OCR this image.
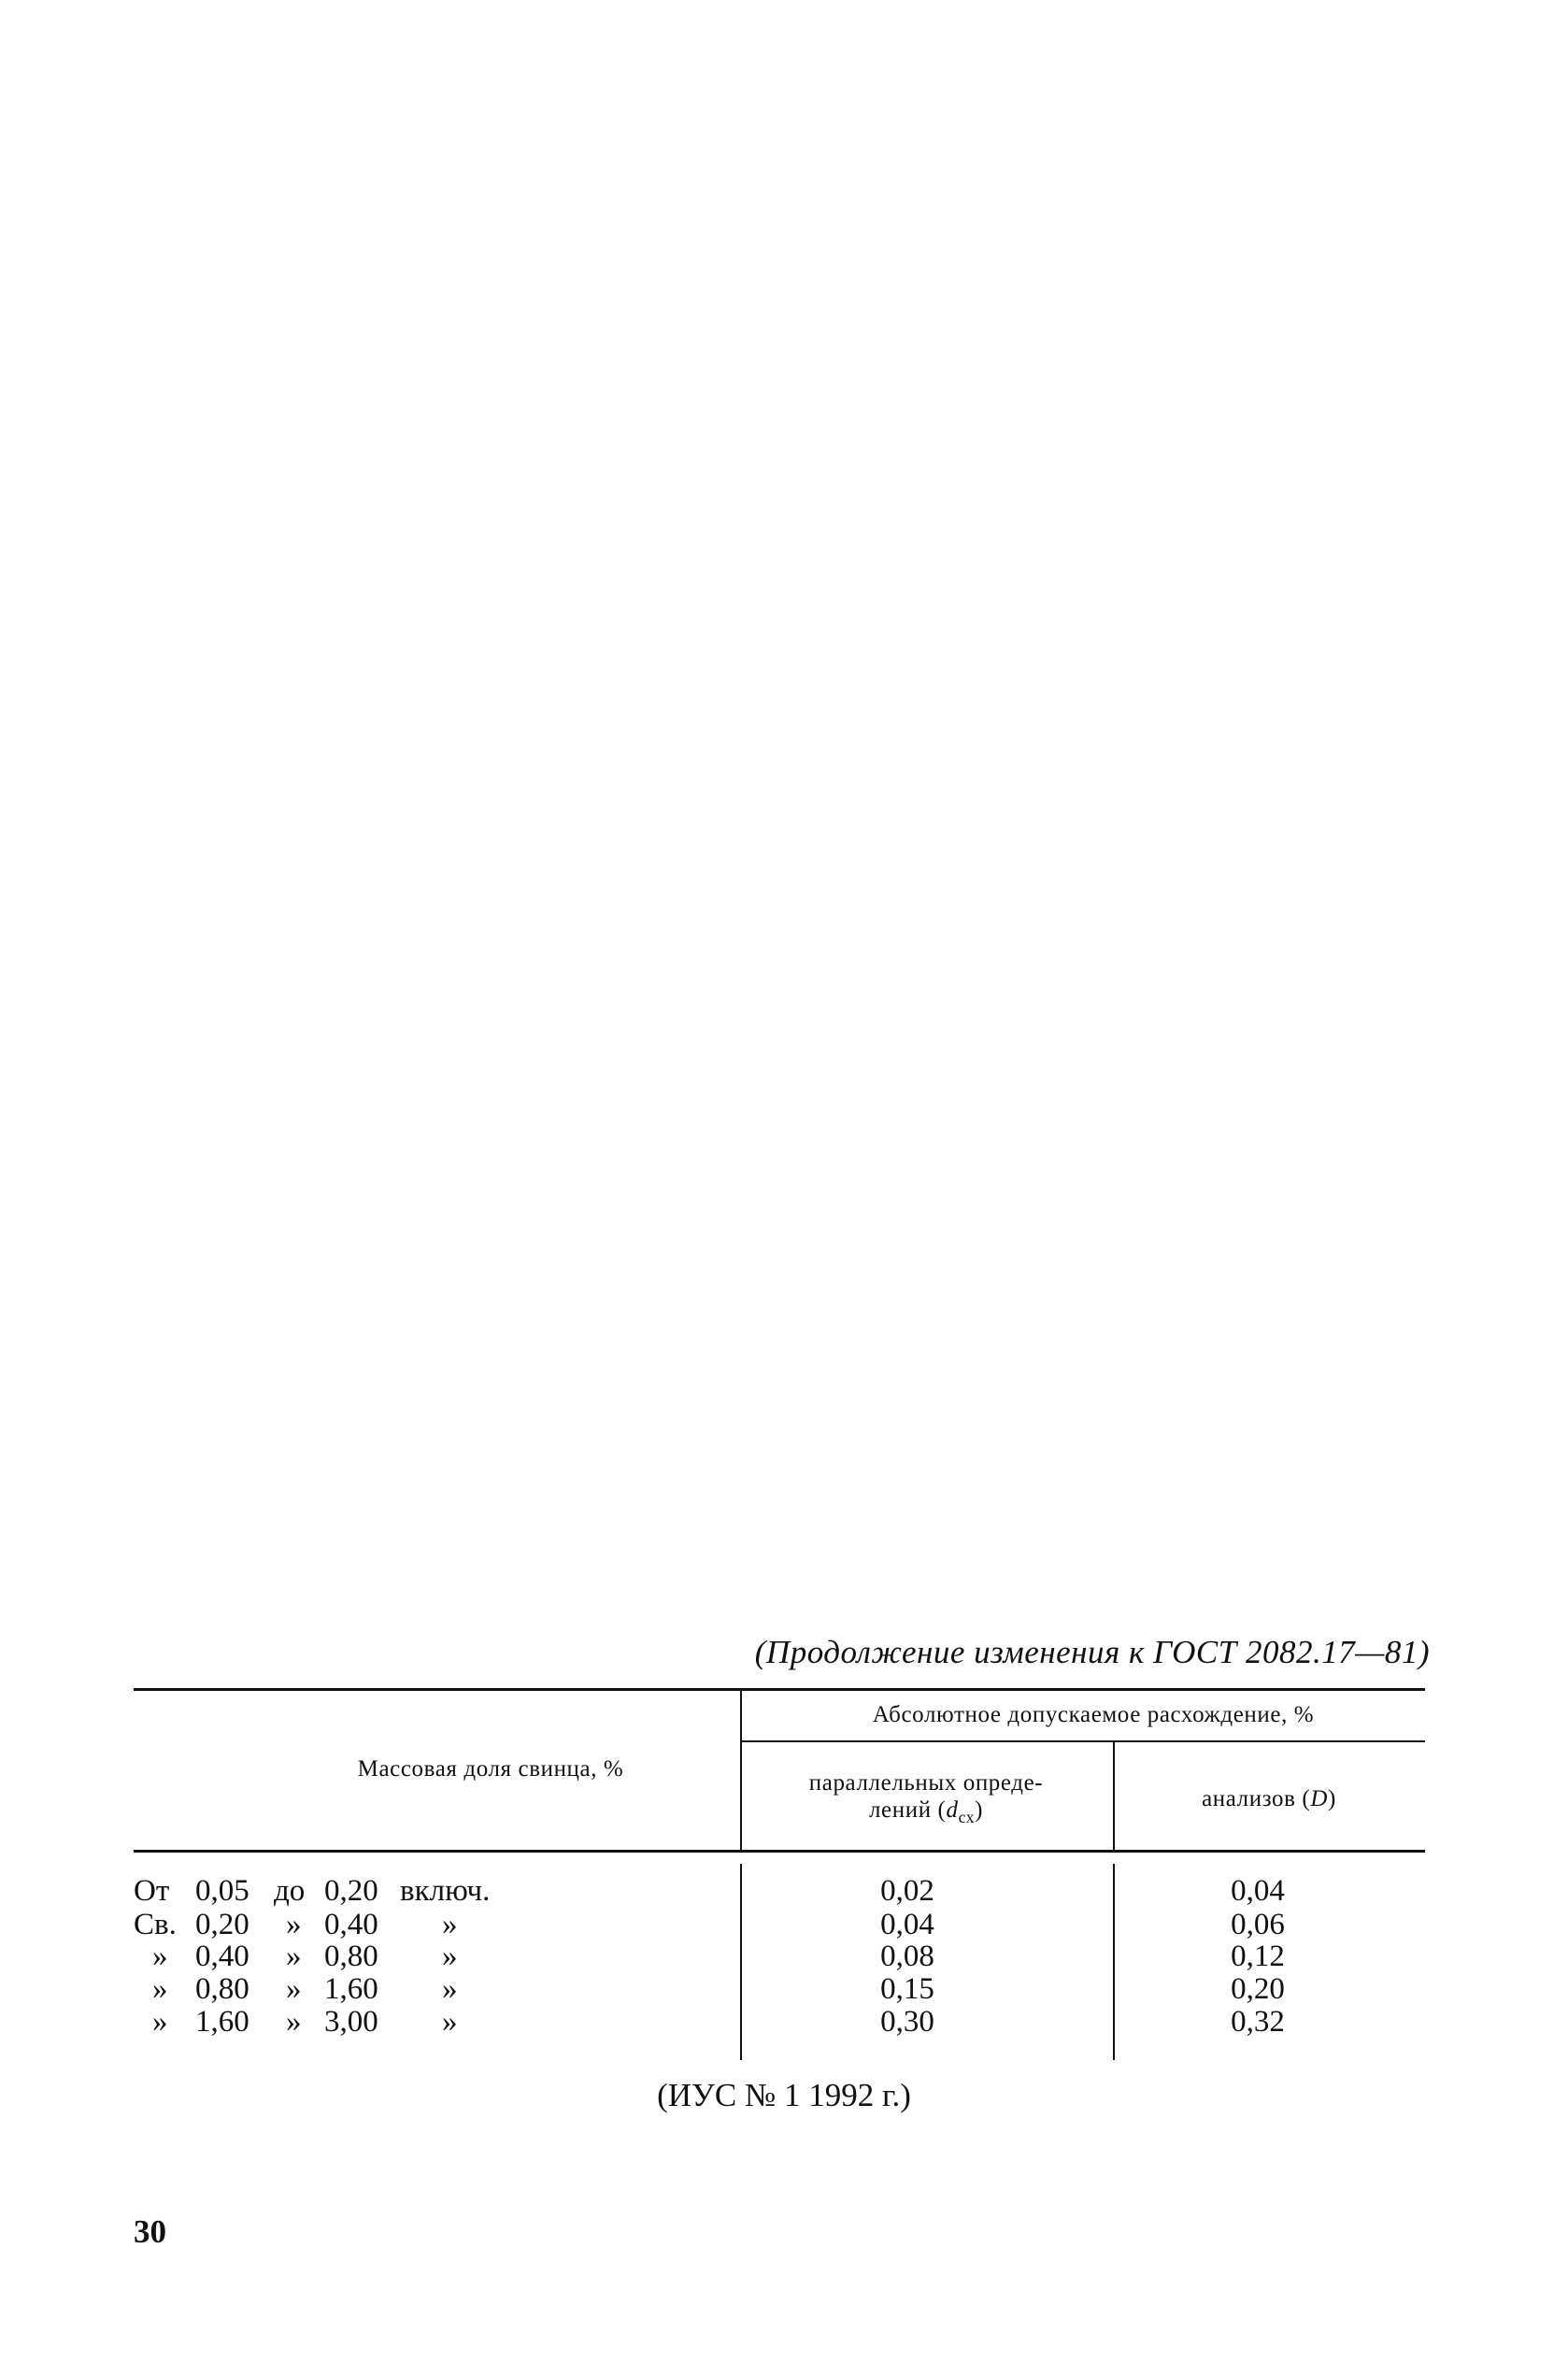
(Продолжение изменения к ГОСТ 2082.17—81)
Массовая доля свинца, %
Абсолютное допускаемое расхождение, %
параллельных опреде-
лений $(d_{сх})$	анализов (D)
От 0,05 до 0,20 включ.
Св. 0,20 » 0,40 »
» 0,40 » 0,80 »
» 0,80 » 1,60 »
» 1,60 » 3,00 »
0,02
0,04
0,08
0,15
0,30
0,04
0,06
0,12
0,20
0,32
(ИУС № 1 1992 г.)
30
